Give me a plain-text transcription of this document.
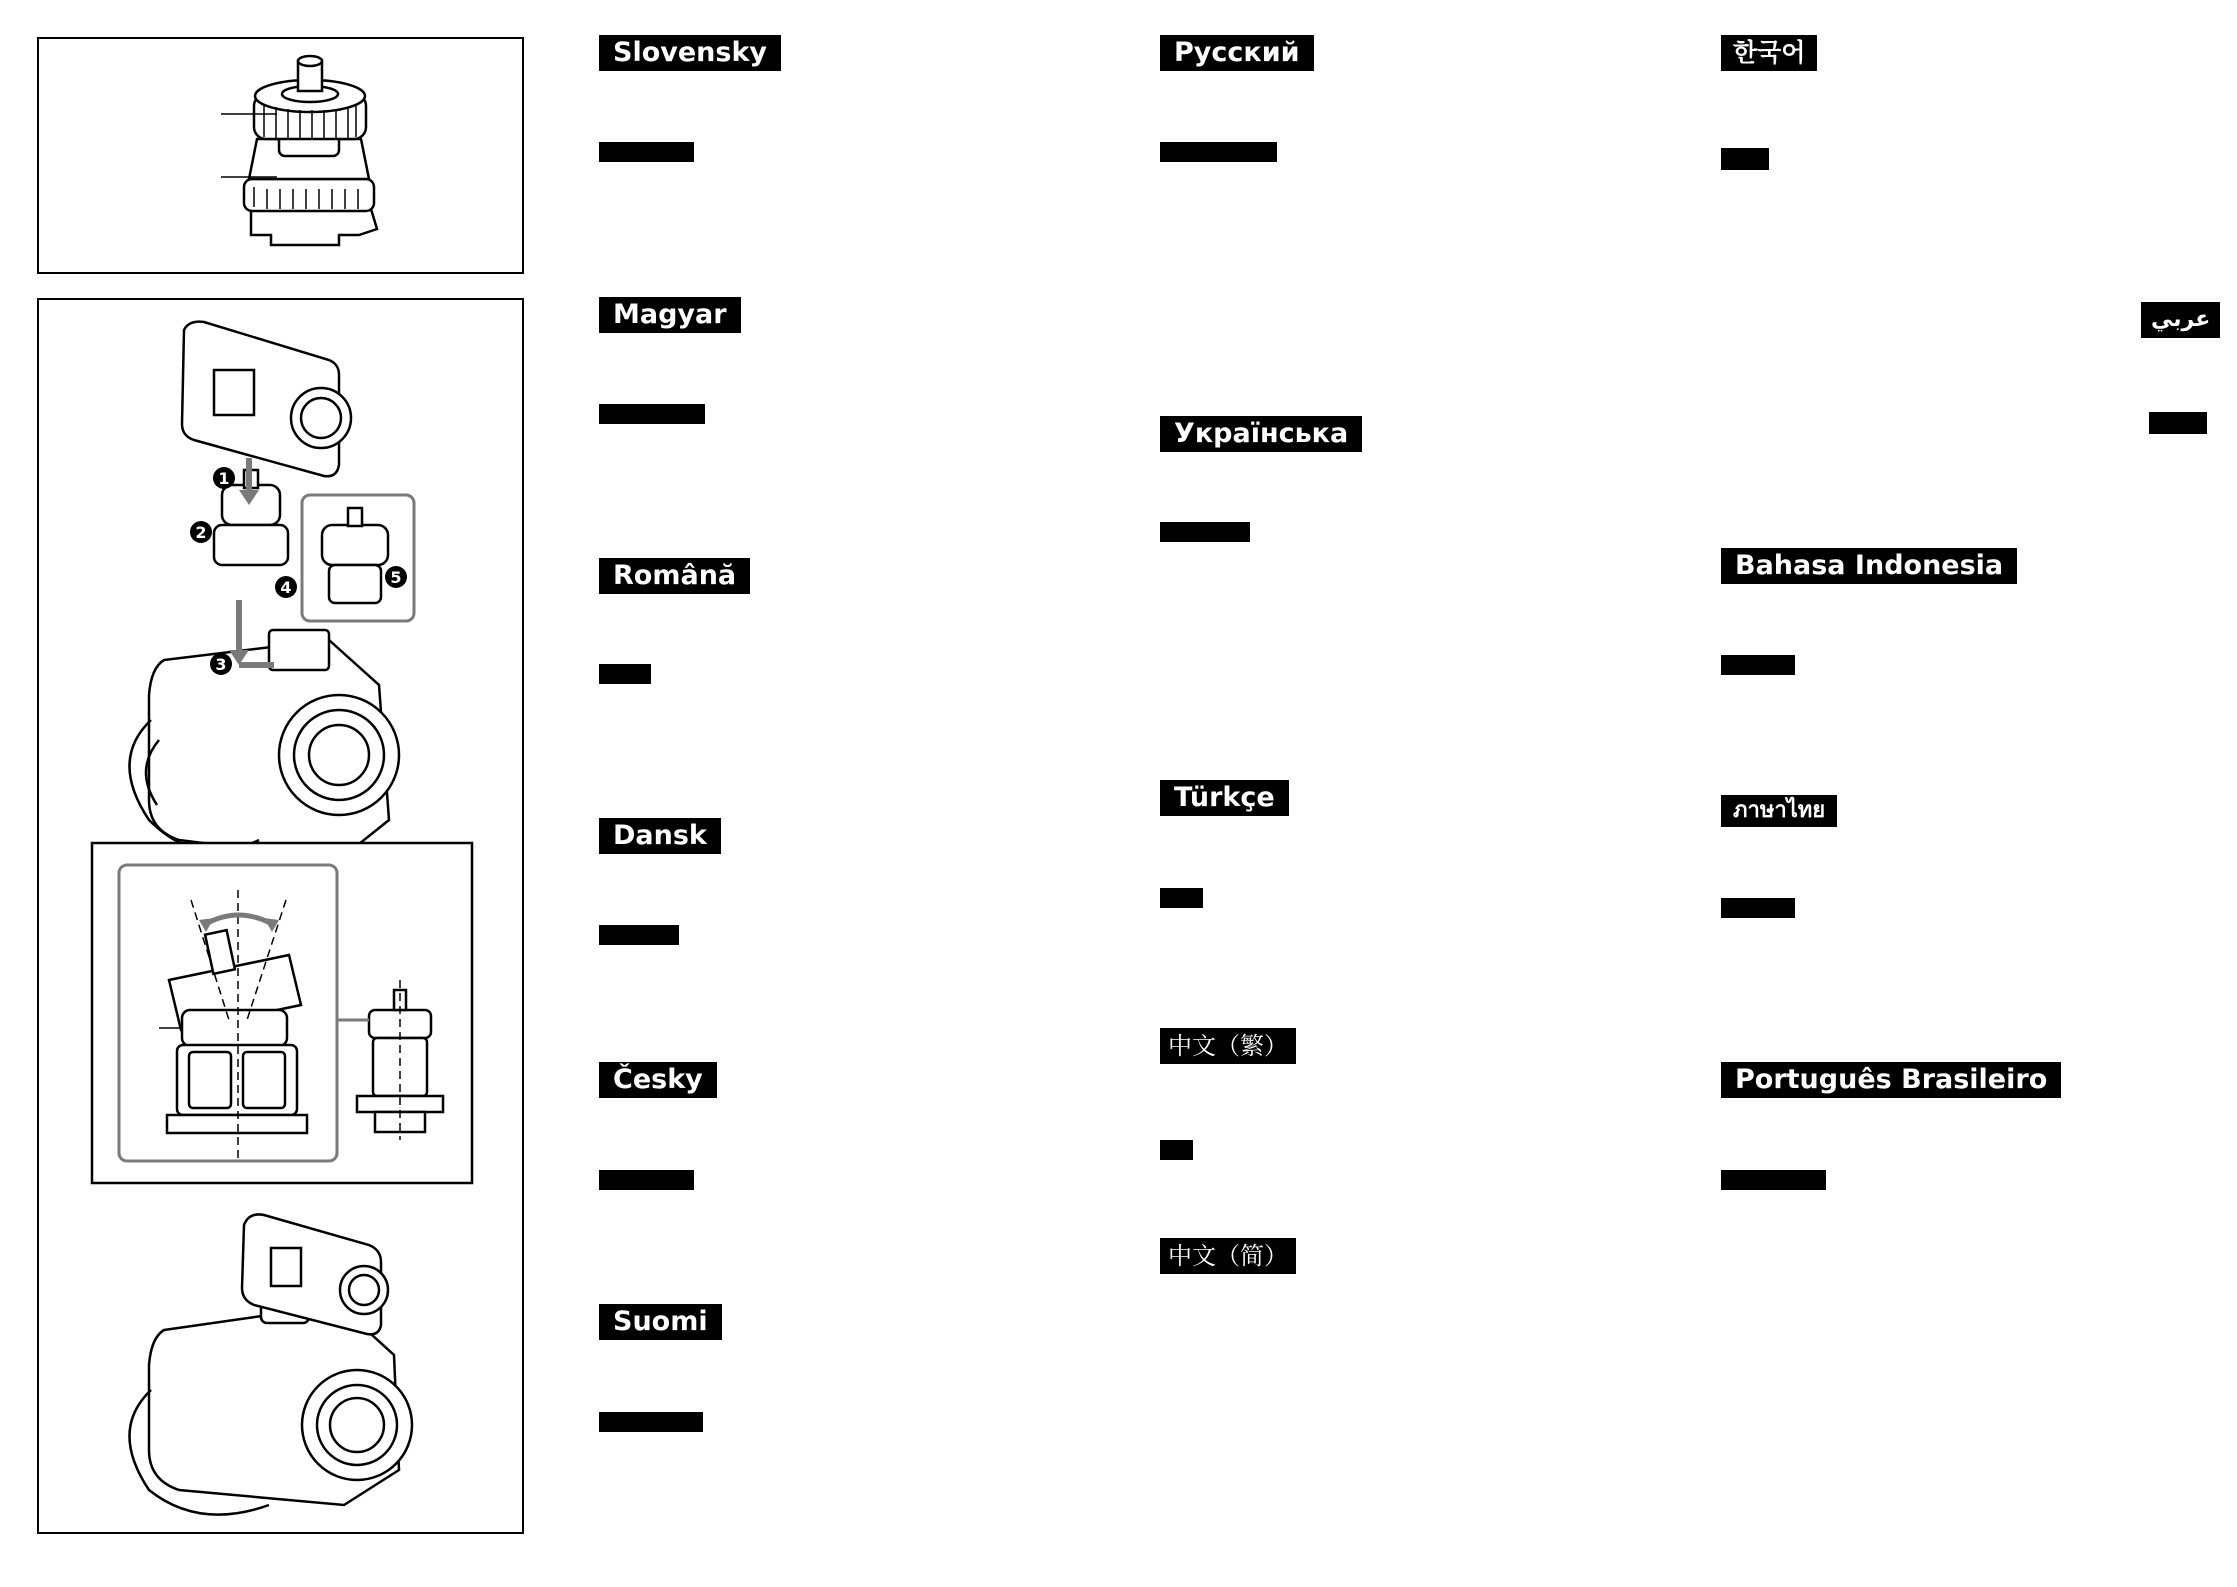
1
2
3
4
5
Slovensky
Magyar
Română
Dansk
Česky
Suomi
Русский
Українська
Türkçe
中文（繁）
中文（简）
한국어
عربي
Bahasa Indonesia
ภาษาไทย
Português Brasileiro
